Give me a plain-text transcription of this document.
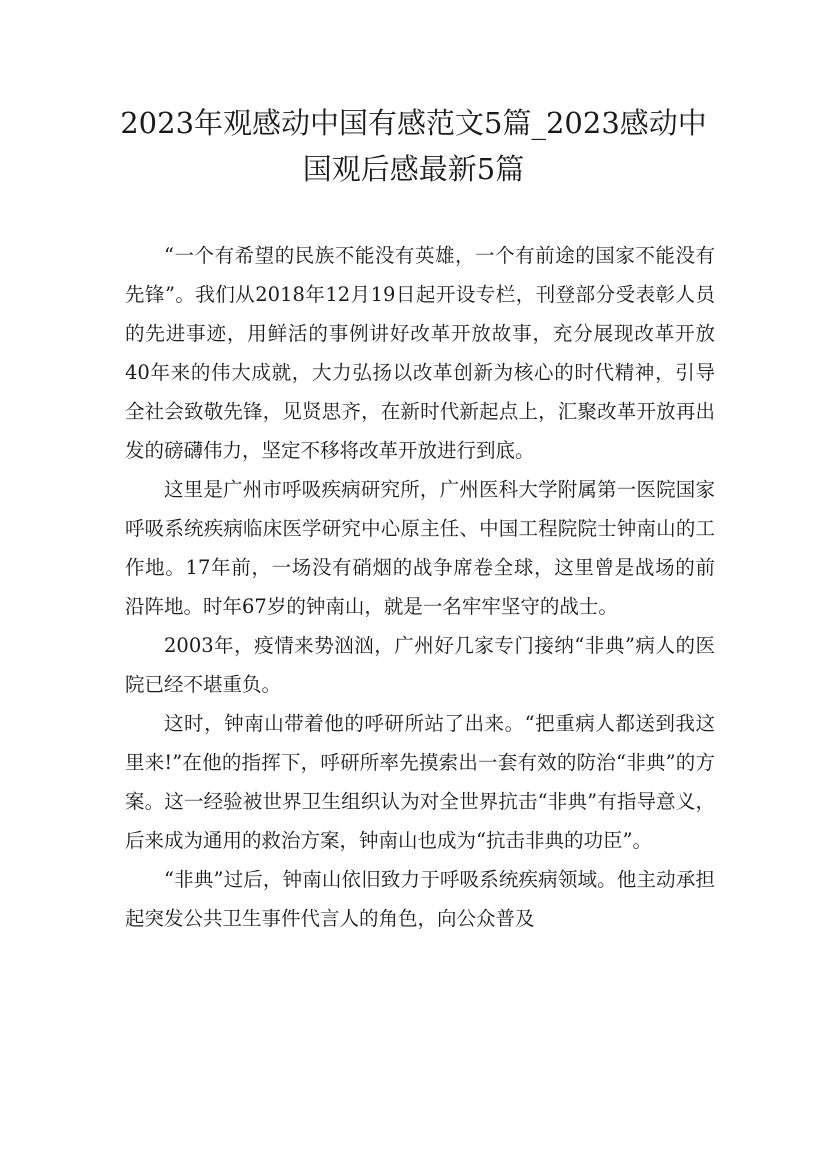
2023年观感动中国有感范文5篇_2023感动中国观后感最新5篇

“一个有希望的民族不能没有英雄，一个有前途的国家不能没有先锋”。我们从2018年12月19日起开设专栏，刊登部分受表彰人员的先进事迹，用鲜活的事例讲好改革开放故事，充分展现改革开放40年来的伟大成就，大力弘扬以改革创新为核心的时代精神，引导全社会致敬先锋，见贤思齐，在新时代新起点上，汇聚改革开放再出发的磅礴伟力，坚定不移将改革开放进行到底。

这里是广州市呼吸疾病研究所，广州医科大学附属第一医院国家呼吸系统疾病临床医学研究中心原主任、中国工程院院士钟南山的工作地。17年前，一场没有硝烟的战争席卷全球，这里曾是战场的前沿阵地。时年67岁的钟南山，就是一名牢牢坚守的战士。

2003年，疫情来势汹汹，广州好几家专门接纳“非典”病人的医院已经不堪重负。

这时，钟南山带着他的呼研所站了出来。“把重病人都送到我这里来!”在他的指挥下，呼研所率先摸索出一套有效的防治“非典”的方案。这一经验被世界卫生组织认为对全世界抗击“非典”有指导意义，后来成为通用的救治方案，钟南山也成为“抗击非典的功臣”。

“非典”过后，钟南山依旧致力于呼吸系统疾病领域。他主动承担起突发公共卫生事件代言人的角色，向公众普及
